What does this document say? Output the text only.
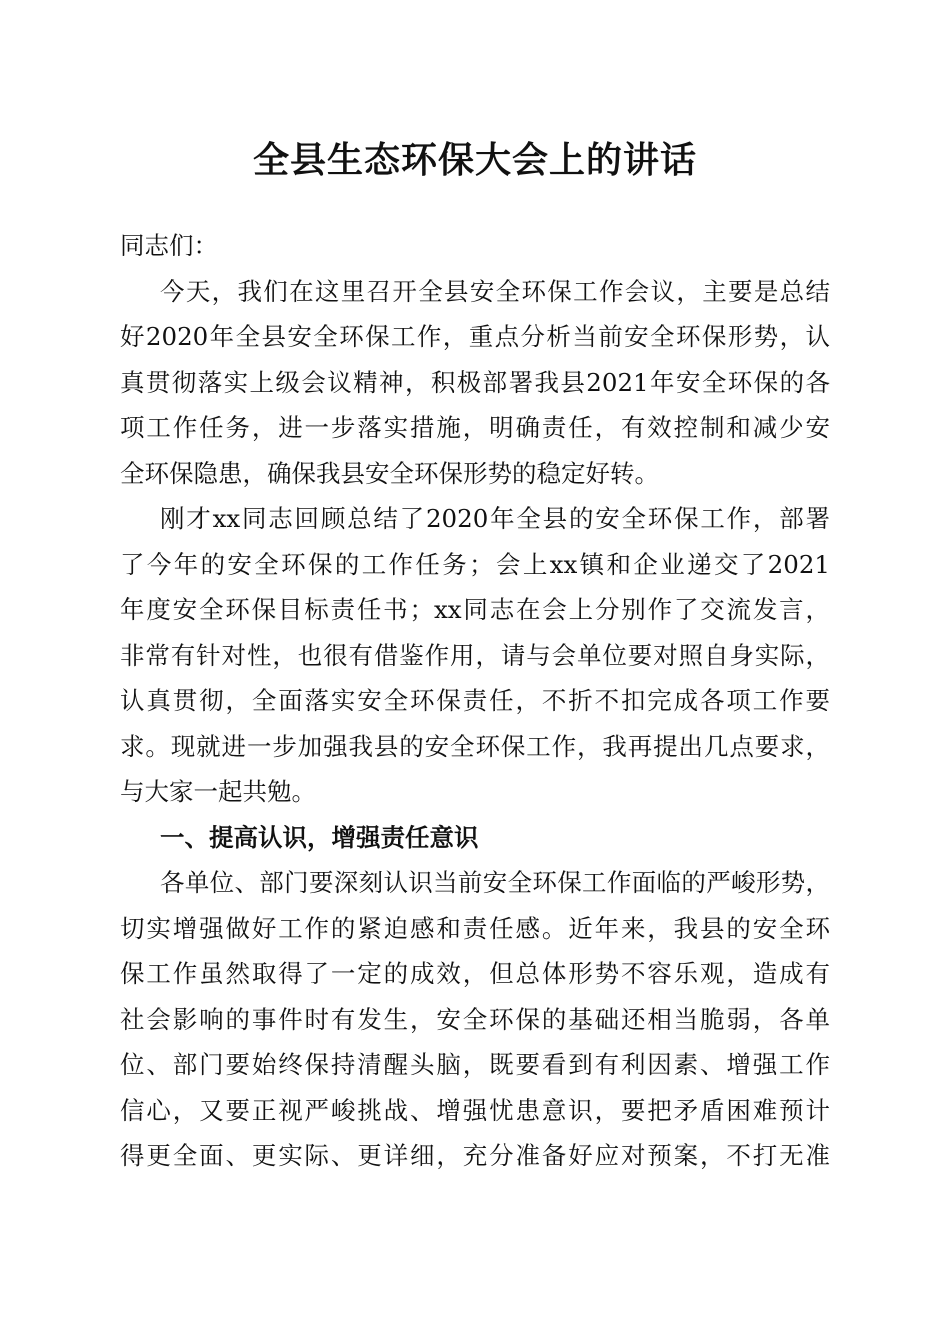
全县生态环保大会上的讲话
同志们：
今天，我们在这里召开全县安全环保工作会议，主要是总结
好2020年全县安全环保工作，重点分析当前安全环保形势，认
真贯彻落实上级会议精神，积极部署我县2021年安全环保的各
项工作任务，进一步落实措施，明确责任，有效控制和减少安
全环保隐患，确保我县安全环保形势的稳定好转。
刚才xx同志回顾总结了2020年全县的安全环保工作，部署
了今年的安全环保的工作任务；会上xx镇和企业递交了2021
年度安全环保目标责任书；xx同志在会上分别作了交流发言，
非常有针对性，也很有借鉴作用，请与会单位要对照自身实际，
认真贯彻，全面落实安全环保责任，不折不扣完成各项工作要
求。现就进一步加强我县的安全环保工作，我再提出几点要求，
与大家一起共勉。
一、提高认识，增强责任意识
各单位、部门要深刻认识当前安全环保工作面临的严峻形势，
切实增强做好工作的紧迫感和责任感。近年来，我县的安全环
保工作虽然取得了一定的成效，但总体形势不容乐观，造成有
社会影响的事件时有发生，安全环保的基础还相当脆弱，各单
位、部门要始终保持清醒头脑，既要看到有利因素、增强工作
信心，又要正视严峻挑战、增强忧患意识，要把矛盾困难预计
得更全面、更实际、更详细，充分准备好应对预案，不打无准
